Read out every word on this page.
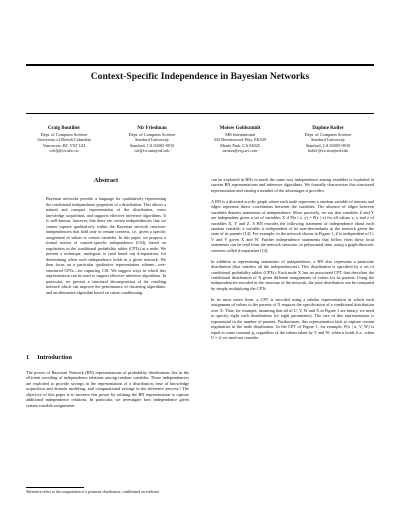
Context-Specific Independence in Bayesian Networks
Craig Boutilier
Dept. of Computer Science
University of British Columbia
Vancouver, BC V6T 1Z4
cebly@cs.ubc.ca
Nir Friedman
Dept. of Computer Science
Stanford University
Stanford, CA 94305-9010
nir@cs.stanford.edu
Moises Goldszmidt
SRI International
333 Ravenswood Way, EK329
Menlo Park, CA 94025
moises@erg.sri.com
Daphne Koller
Dept. of Computer Science
Stanford University
Stanford, CA 94305-9010
koller@cs.stanford.edu
Abstract
Bayesian networks provide a language for qualitatively representing the conditional independence properties of a distribution. This allows a natural and compact representation of the distribution, eases knowledge acquisition, and supports effective inference algorithms. It is well-known, however, that there are certain independencies that we cannot capture qualitatively within the Bayesian network structure: independencies that hold only in certain contexts, i.e., given a specific assignment of values to certain variables. In this paper, we propose a formal notion of context-specific independence (CSI), based on regularities in the conditional probability tables (CPTs) at a node. We present a technique, analogous to (and based on) d-separation, for determining when such independence holds in a given network. We then focus on a particular qualitative representation scheme—tree-structured CPTs—for capturing CSI. We suggest ways in which this representation can be used to support effective inference algorithms. In particular, we present a structural decomposition of the resulting network which can improve the performance of clustering algorithms, and an alternative algorithm based on cutset conditioning.
1 Introduction
The power of Bayesian Network (BN) representations of probability distributions lies in the efficient encoding of independence relations among random variables. These independencies are exploited to provide savings in the representation of a distribution, ease of knowledge acquisition and domain modeling, and computational savings in the inference process.¹ The objective of this paper is to increase this power by refining the BN representation to capture additional independence relations. In particular, we investigate how independence given certain variable assignments
¹Inference refers to the computation of a posterior distribution, conditioned on evidence.

can be exploited in BNs in much the same way independence among variables is exploited in current BN representations and inference algorithms. We formally characterize this structured representation and catalog a number of the advantages it provides.

A BN is a directed acyclic graph where each node represents a random variable of interest and edges represent direct correlations between the variables. The absence of edges between variables denotes statements of independence. More precisely, we say that variables Z and Y are independent given a set of variables X if P(z | x, y) = P(z | x) for all values x, y and z of variables X, Y and Z. A BN encodes the following statement of independence about each random variable: a variable is independent of its non-descendants in the network given the state of its parents [14]. For example, in the network shown in Figure 1, Z is independent of U, V and Y given X and W. Further independence statements that follow from these local statements can be read from the network structure, in polynomial time, using a graph-theoretic criterion called d-separation [14].

In addition to representing statements of independence, a BN also represents a particular distribution (that satisfies all the independencies). This distribution is specified by a set of conditional probability tables (CPTs). Each node X has an associated CPT that describes the conditional distribution of X given different assignments of values for its parents. Using the independencies encoded in the structure of the network, the joint distribution can be computed by simply multiplying the CPTs.

In its most naive form, a CPT is encoded using a tabular representation in which each assignment of values to the parents of X requires the specification of a conditional distribution over X. Thus, for example, assuming that all of U, V, W and X in Figure 1 are binary, we need to specify eight such distributions (or eight parameters). The size of this representation is exponential in the number of parents. Furthermore, this representation fails to capture certain regularities in the node distribution. In the CPT of Figure 1, for example, P(x | u, V, W) is equal to some constant p₁ regardless of the values taken by V and W: when u holds (i.e., when U = t) we need not consider
